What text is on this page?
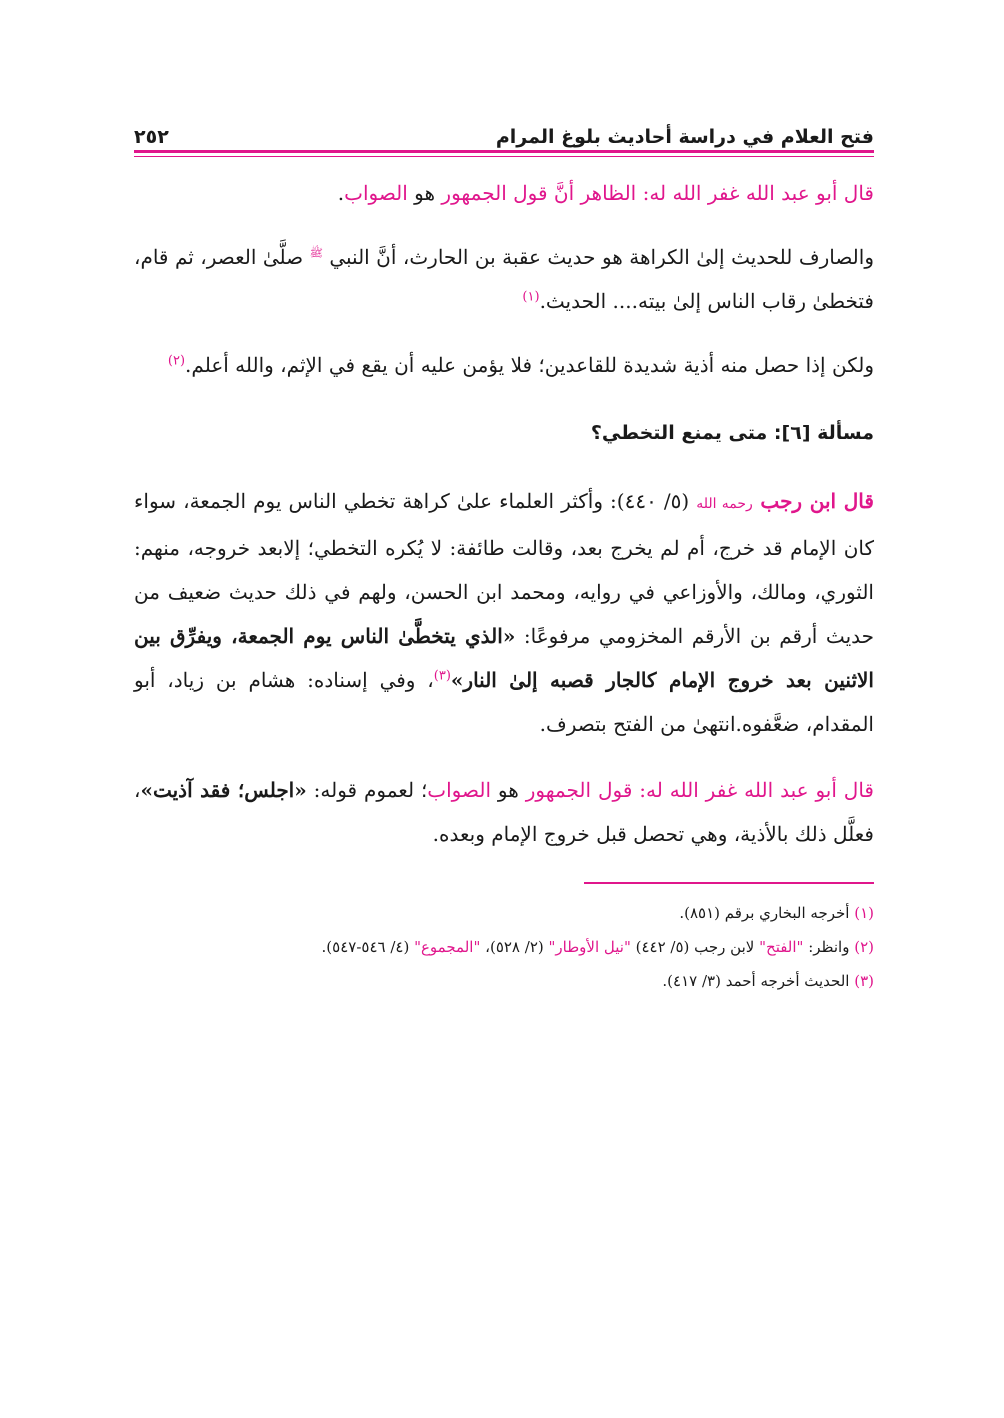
فتح العلام في دراسة أحاديث بلوغ المرام
٢٥٢

قال أبو عبد الله غفر الله له: الظاهر أنَّ قول الجمهور هو الصواب.

والصارف للحديث إلىٰ الكراهة هو حديث عقبة بن الحارث، أنَّ النبي $^ﷺ$ صلَّىٰ العصر، ثم قام، فتخطىٰ رقاب الناس إلىٰ بيته.... الحديث.$^{(١)}$

ولكن إذا حصل منه أذية شديدة للقاعدين؛ فلا يؤمن عليه أن يقع في الإثم، والله أعلم.$^{(٢)}$

مسألة [٦]: متى يمنع التخطي؟

قال ابن رجب رحمه الله (٥/ ٤٤٠): وأكثر العلماء علىٰ كراهة تخطي الناس يوم الجمعة، سواء كان الإمام قد خرج، أم لم يخرج بعد، وقالت طائفة: لا يُكره التخطي؛ إلابعد خروجه، منهم: الثوري، ومالك، والأوزاعي في روايه، ومحمد ابن الحسن، ولهم في ذلك حديث ضعيف من حديث أرقم بن الأرقم المخزومي مرفوعًا: «الذي يتخطَّىٰ الناس يوم الجمعة، ويفرِّق بين الاثنين بعد خروج الإمام كالجار قصبه إلىٰ النار»$^{(٣)}$، وفي إسناده: هشام بن زياد، أبو المقدام، ضعَّفوه.انتهىٰ من الفتح بتصرف.

قال أبو عبد الله غفر الله له: قول الجمهور هو الصواب؛ لعموم قوله: «اجلس؛ فقد آذيت»، فعلَّل ذلك بالأذية، وهي تحصل قبل خروج الإمام وبعده.

(١) أخرجه البخاري برقم (٨٥١).
(٢) وانظر: "الفتح" لابن رجب (٥/ ٤٤٢) "نيل الأوطار" (٢/ ٥٢٨)، "المجموع" (٤/ ٥٤٦-٥٤٧).
(٣) الحديث أخرجه أحمد (٣/ ٤١٧).
